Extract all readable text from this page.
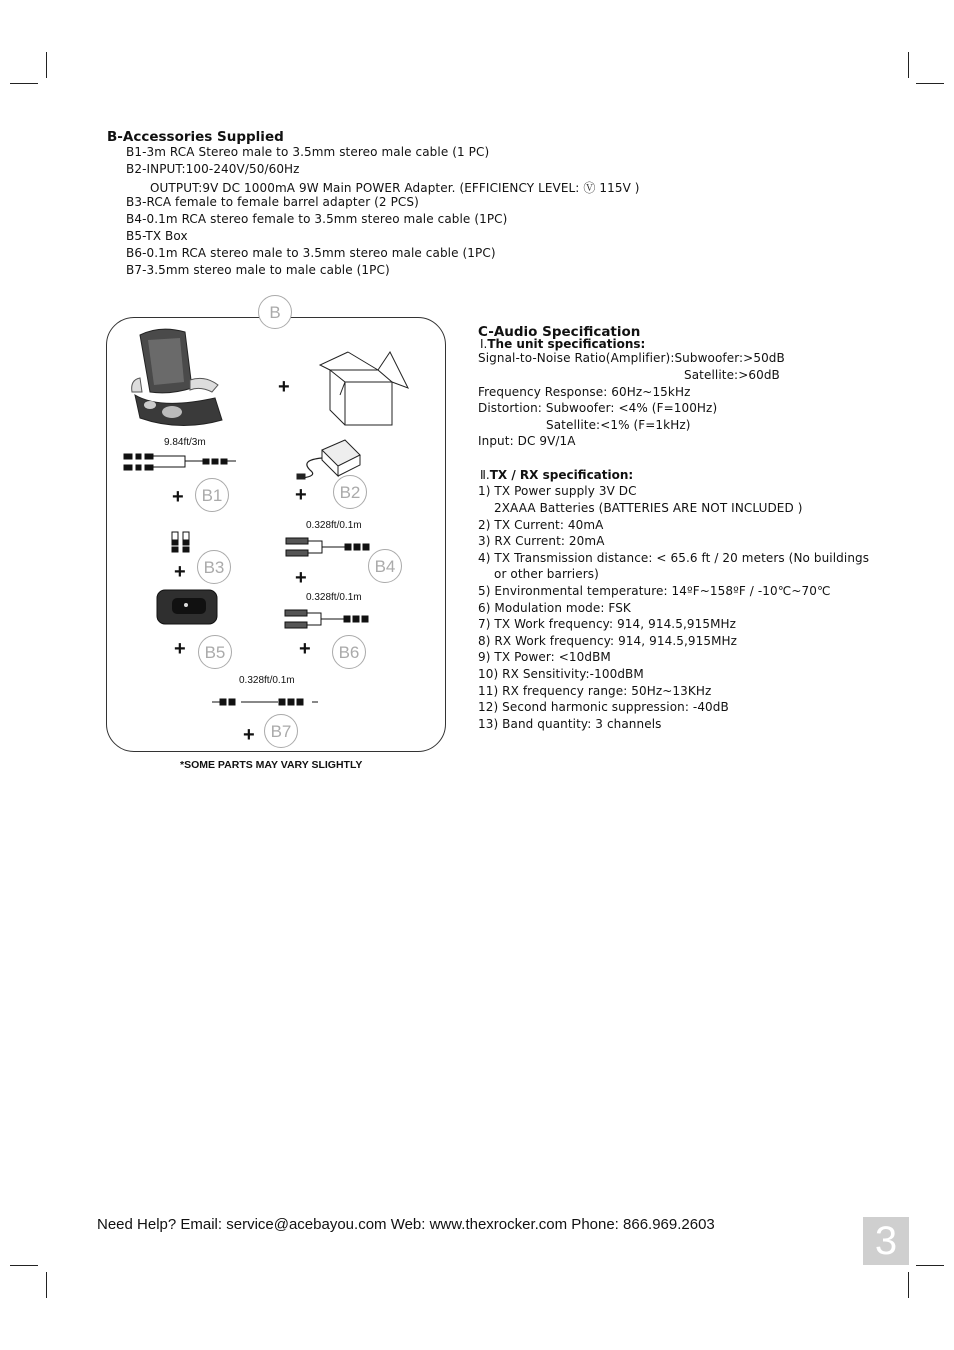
B-Accessories Supplied
B1-3m RCA Stereo male to 3.5mm stereo male cable (1 PC)
B2-INPUT:100-240V/50/60Hz
OUTPUT:9V DC 1000mA 9W Main POWER Adapter. (EFFICIENCY LEVEL: Ⓥ 115V )
B3-RCA female to female barrel adapter (2 PCS)
B4-0.1m RCA stereo female to 3.5mm stereo male cable (1PC)
B5-TX Box
B6-0.1m RCA stereo male to 3.5mm stereo male cable (1PC)
B7-3.5mm stereo male to male cable (1PC)
B
+
9.84ft/3m
+	B1	+	B2
0.328ft/0.1m
+	B3	+
B4
0.328ft/0.1m
+	B5	+	B6
0.328ft/0.1m
+ B7
*SOME PARTS MAY VARY SLIGHTLY
C-Audio Specification
Ⅰ.The unit specifications:
Signal-to-Noise Ratio(Amplifier):Subwoofer:>50dB
Satellite:>60dB
Frequency Response: 60Hz~15kHz
Distortion: Subwoofer: <4% (F=100Hz)
Satellite:<1% (F=1kHz)
Input: DC 9V/1A
Ⅱ.TX / RX specification:
1) TX Power supply 3V DC
2XAAA Batteries (BATTERIES ARE NOT INCLUDED )
2) TX Current: 40mA
3) RX Current: 20mA
4) TX Transmission distance: < 65.6 ft / 20 meters (No buildings
or other barriers)
5) Environmental temperature: 14ºF~158ºF / -10℃~70℃
6) Modulation mode: FSK
7) TX Work frequency: 914, 914.5,915MHz
8) RX Work frequency: 914, 914.5,915MHz
9) TX Power: <10dBM
10) RX Sensitivity:-100dBM
11) RX frequency range: 50Hz~13KHz
12) Second harmonic suppression: -40dB
13) Band quantity: 3 channels
Need Help? Email: service@acebayou.com Web: www.thexrocker.com Phone: 866.969.2603	3
